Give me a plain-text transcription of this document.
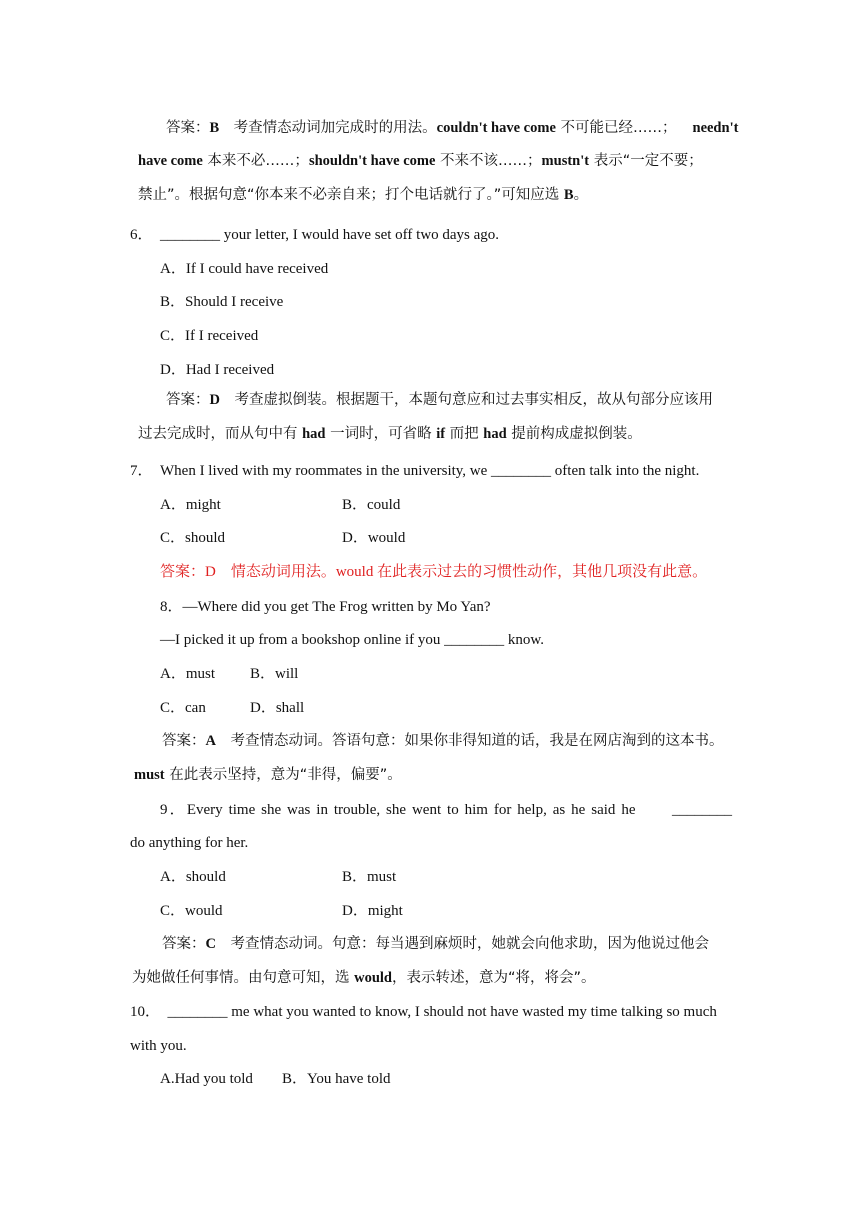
答案：B　考查情态动词加完成时的用法。couldn't have come 不可能已经……； needn't
have come 本来不必……；shouldn't have come 不来不该……；mustn't 表示“一定不要；
禁止”。根据句意“你本来不必亲自来；打个电话就行了。”可知应选 B。
6．　________ your letter, I would have set off two days ago.
A．If I could have received
B．Should I receive
C．If I received
D．Had I received
答案：D　考查虚拟倒装。根据题干，本题句意应和过去事实相反，故从句部分应该用
过去完成时，而从句中有 had 一词时，可省略 if 而把 had 提前构成虚拟倒装。
7．　When I lived with my roommates in the university, we ________ often talk into the night.
A．might	B．could
C．should	D．would
答案：D　情态动词用法。would 在此表示过去的习惯性动作，其他几项没有此意。
8．—Where did you get The Frog written by Mo Yan?
—I picked it up from a bookshop online if you ________ know.
A．must B．will
C．can	D．shall
答案：A　考查情态动词。答语句意：如果你非得知道的话，我是在网店淘到的这本书。
must 在此表示坚持，意为“非得，偏要”。
9．Every time she was in trouble, she went to him for help, as he said he　　________
do anything for her.
A．should	B．must
C．would	D．might
答案：C　考查情态动词。句意：每当遇到麻烦时，她就会向他求助，因为他说过他会
为她做任何事情。由句意可知，选 would，表示转述，意为“将，将会”。
10．　________ me what you wanted to know, I should not have wasted my time talking so much
with you.
A.Had you told B．You have told
